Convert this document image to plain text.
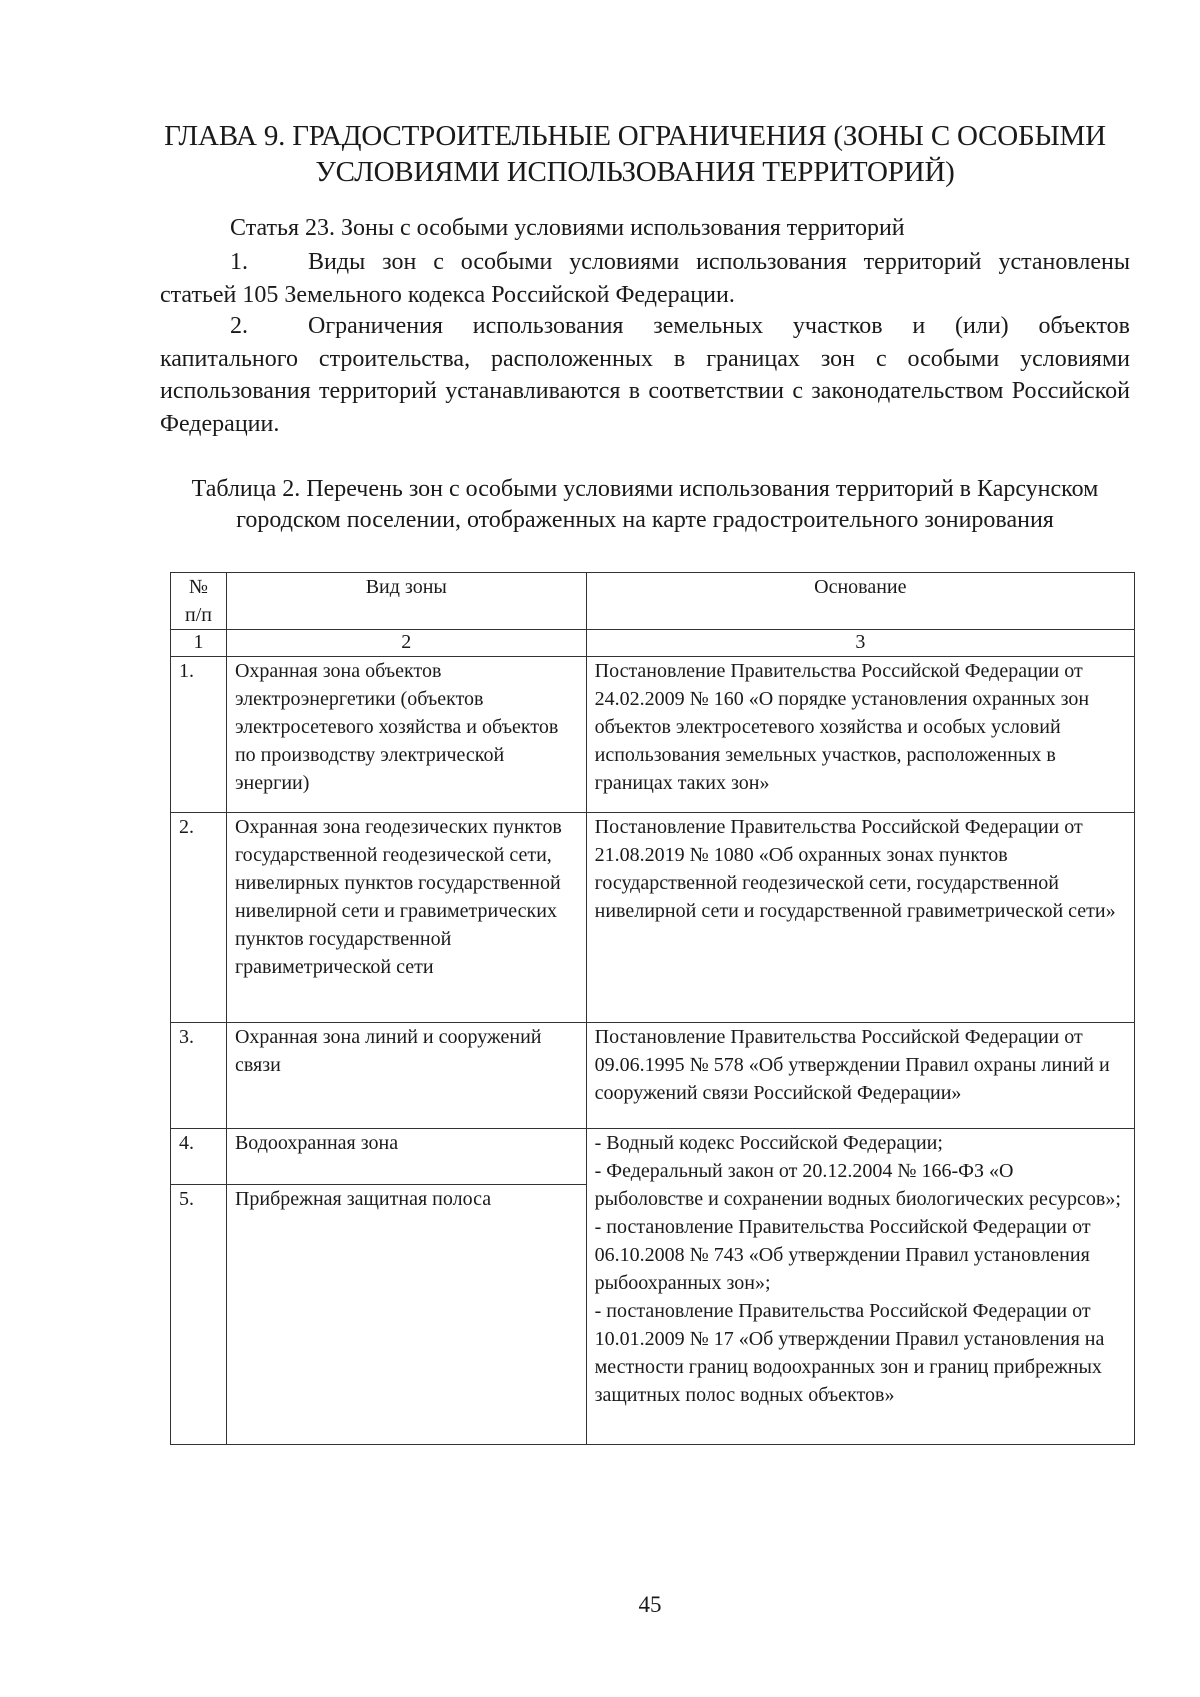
ГЛАВА 9. ГРАДОСТРОИТЕЛЬНЫЕ ОГРАНИЧЕНИЯ (ЗОНЫ С ОСОБЫМИ
УСЛОВИЯМИ ИСПОЛЬЗОВАНИЯ ТЕРРИТОРИЙ)
Статья 23. Зоны с особыми условиями использования территорий
1.	Виды зон с особыми условиями использования территорий установлены статьей 105 Земельного кодекса Российской Федерации.
2.	Ограничения использования земельных участков и (или) объектов капитального строительства, расположенных в границах зон с особыми условиями использования территорий устанавливаются в соответствии с законодательством Российской Федерации.
Таблица 2. Перечень зон с особыми условиями использования территорий в Карсунском городском поселении, отображенных на карте градостроительного зонирования
№ п/п	Вид зоны	Основание
1	2	3
1.	Охранная зона объектов электроэнергетики (объектов электросетевого хозяйства и объектов по производству электрической энергии)	Постановление Правительства Российской Федерации от 24.02.2009 № 160 «О порядке установления охранных зон объектов электросетевого хозяйства и особых условий использования земельных участков, расположенных в границах таких зон»
2.	Охранная зона геодезических пунктов государственной геодезической сети, нивелирных пунктов государственной нивелирной сети и гравиметрических пунктов государственной гравиметрической сети	Постановление Правительства Российской Федерации от 21.08.2019 № 1080 «Об охранных зонах пунктов государственной геодезической сети, государственной нивелирной сети и государственной гравиметрической сети»
3.	Охранная зона линий и сооружений связи	Постановление Правительства Российской Федерации от 09.06.1995 № 578 «Об утверждении Правил охраны линий и сооружений связи Российской Федерации»
4.	Водоохранная зона	- Водный кодекс Российской Федерации;
- Федеральный закон от 20.12.2004 № 166-ФЗ «О рыболовстве и сохранении водных биологических ресурсов»;
- постановление Правительства Российской Федерации от 06.10.2008 № 743 «Об утверждении Правил установления рыбоохранных зон»;
- постановление Правительства Российской Федерации от 10.01.2009 № 17 «Об утверждении Правил установления на местности границ водоохранных зон и границ прибрежных защитных полос водных объектов»

5.	Прибрежная защитная полоса	
45
